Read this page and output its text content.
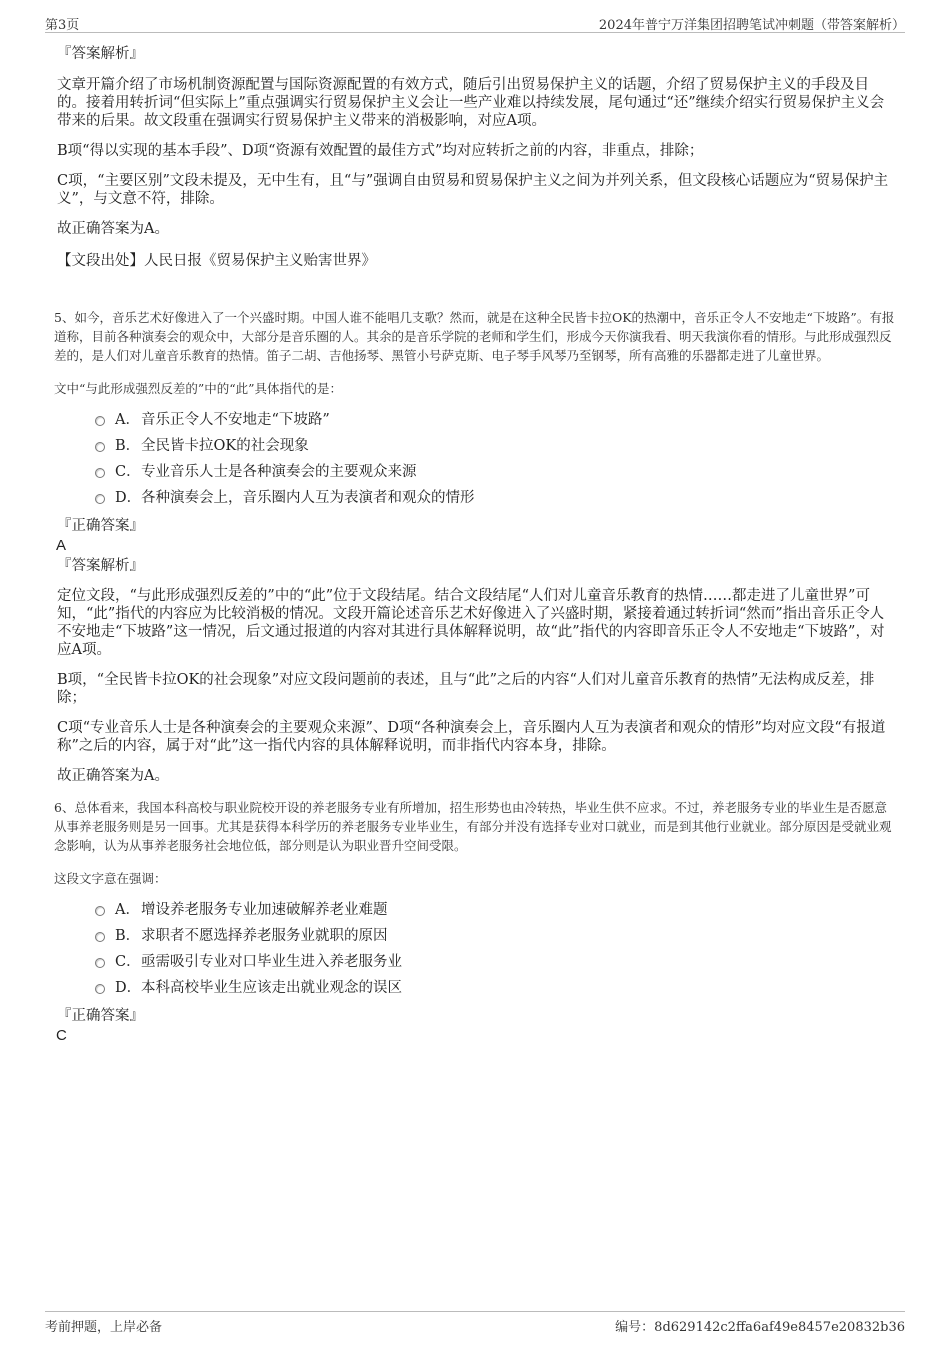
第3页	2024年普宁万洋集团招聘笔试冲刺题（带答案解析）
『答案解析』

文章开篇介绍了市场机制资源配置与国际资源配置的有效方式，随后引出贸易保护主义的话题，介绍了贸易保护主义的手段及目的。接着用转折词“但实际上”重点强调实行贸易保护主义会让一些产业难以持续发展，尾句通过“还”继续介绍实行贸易保护主义会带来的后果。故文段重在强调实行贸易保护主义带来的消极影响，对应A项。

B项“得以实现的基本手段”、D项“资源有效配置的最佳方式”均对应转折之前的内容，非重点，排除；

C项，“主要区别”文段未提及，无中生有，且“与”强调自由贸易和贸易保护主义之间为并列关系，但文段核心话题应为“贸易保护主义”，与文意不符，排除。

故正确答案为A。

【文段出处】人民日报《贸易保护主义贻害世界》
5、如今，音乐艺术好像进入了一个兴盛时期。中国人谁不能唱几支歌？然而，就是在这种全民皆卡拉OK的热潮中，音乐正令人不安地走“下坡路”。有报道称，目前各种演奏会的观众中，大部分是音乐圈的人。其余的是音乐学院的老师和学生们，形成今天你演我看、明天我演你看的情形。与此形成强烈反差的，是人们对儿童音乐教育的热情。笛子二胡、吉他扬琴、黑管小号萨克斯、电子琴手风琴乃至钢琴，所有高雅的乐器都走进了儿童世界。
文中“与此形成强烈反差的”中的“此”具体指代的是：
A．音乐正令人不安地走“下坡路”
B．全民皆卡拉OK的社会现象
C．专业音乐人士是各种演奏会的主要观众来源
D．各种演奏会上，音乐圈内人互为表演者和观众的情形
『正确答案』
A
『答案解析』

定位文段，“与此形成强烈反差的”中的“此”位于文段结尾。结合文段结尾“人们对儿童音乐教育的热情……都走进了儿童世界”可知，“此”指代的内容应为比较消极的情况。文段开篇论述音乐艺术好像进入了兴盛时期，紧接着通过转折词“然而”指出音乐正令人不安地走“下坡路”这一情况，后文通过报道的内容对其进行具体解释说明，故“此”指代的内容即音乐正令人不安地走“下坡路”，对应A项。

B项，“全民皆卡拉OK的社会现象”对应文段问题前的表述，且与“此”之后的内容“人们对儿童音乐教育的热情”无法构成反差，排除；

C项“专业音乐人士是各种演奏会的主要观众来源”、D项“各种演奏会上，音乐圈内人互为表演者和观众的情形”均对应文段“有报道称”之后的内容，属于对“此”这一指代内容的具体解释说明，而非指代内容本身，排除。

故正确答案为A。

6、总体看来，我国本科高校与职业院校开设的养老服务专业有所增加，招生形势也由冷转热，毕业生供不应求。不过，养老服务专业的毕业生是否愿意从事养老服务则是另一回事。尤其是获得本科学历的养老服务专业毕业生，有部分并没有选择专业对口就业，而是到其他行业就业。部分原因是受就业观念影响，认为从事养老服务社会地位低，部分则是认为职业晋升空间受限。
这段文字意在强调：
A．增设养老服务专业加速破解养老业难题
B．求职者不愿选择养老服务业就职的原因
C．亟需吸引专业对口毕业生进入养老服务业
D．本科高校毕业生应该走出就业观念的误区
『正确答案』
C
考前押题，上岸必备	编号：8d629142c2ffa6af49e8457e20832b36
